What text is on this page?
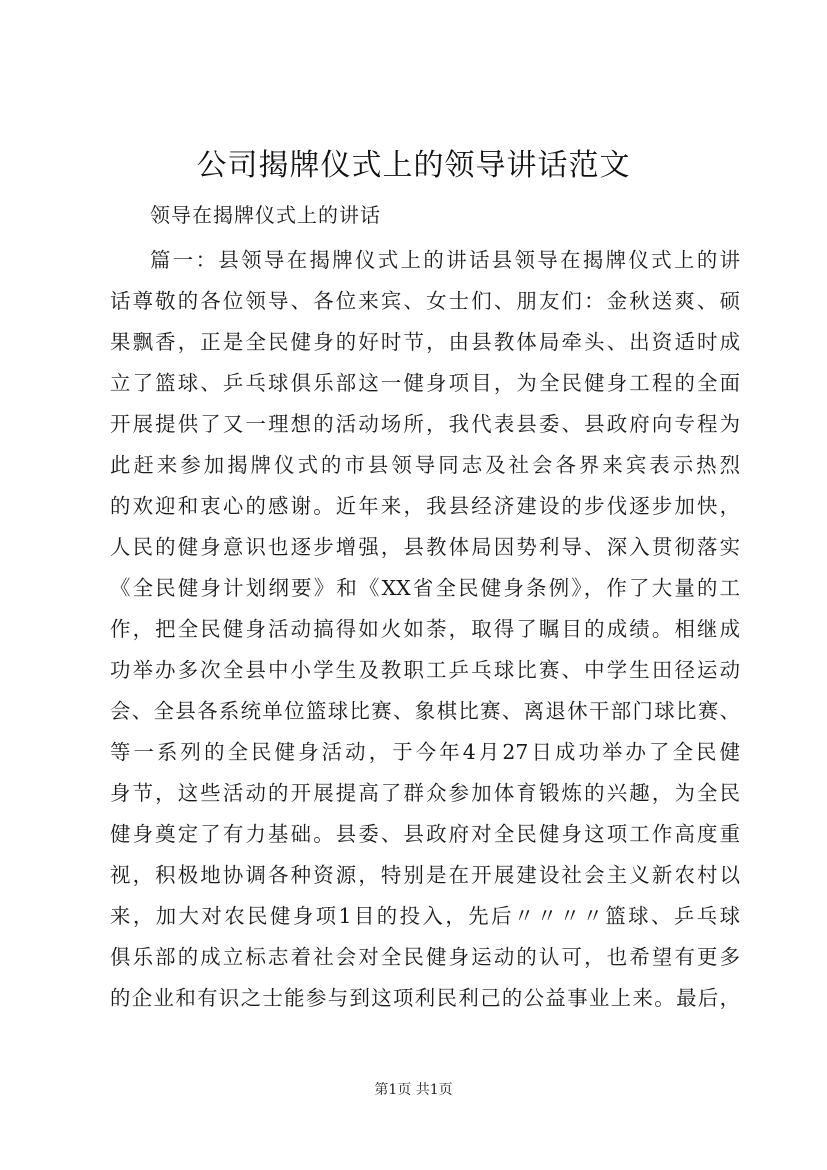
公司揭牌仪式上的领导讲话范文
领导在揭牌仪式上的讲话
篇一：县领导在揭牌仪式上的讲话县领导在揭牌仪式上的讲
话尊敬的各位领导、各位来宾、女士们、朋友们：金秋送爽、硕
果飘香，正是全民健身的好时节，由县教体局牵头、出资适时成
立了篮球、乒乓球俱乐部这一健身项目，为全民健身工程的全面
开展提供了又一理想的活动场所，我代表县委、县政府向专程为
此赶来参加揭牌仪式的市县领导同志及社会各界来宾表示热烈
的欢迎和衷心的感谢。近年来，我县经济建设的步伐逐步加快，
人民的健身意识也逐步增强，县教体局因势利导、深入贯彻落实
《全民健身计划纲要》和《XX省全民健身条例》，作了大量的工
作，把全民健身活动搞得如火如荼，取得了瞩目的成绩。相继成
功举办多次全县中小学生及教职工乒乓球比赛、中学生田径运动
会、全县各系统单位篮球比赛、象棋比赛、离退休干部门球比赛、
等一系列的全民健身活动，于今年4月27日成功举办了全民健
身节，这些活动的开展提高了群众参加体育锻炼的兴趣，为全民
健身奠定了有力基础。县委、县政府对全民健身这项工作高度重
视，积极地协调各种资源，特别是在开展建设社会主义新农村以
来，加大对农民健身项1目的投入，先后〃〃〃〃篮球、乒乓球
俱乐部的成立标志着社会对全民健身运动的认可，也希望有更多
的企业和有识之士能参与到这项利民利己的公益事业上来。最后，
第1页 共1页
